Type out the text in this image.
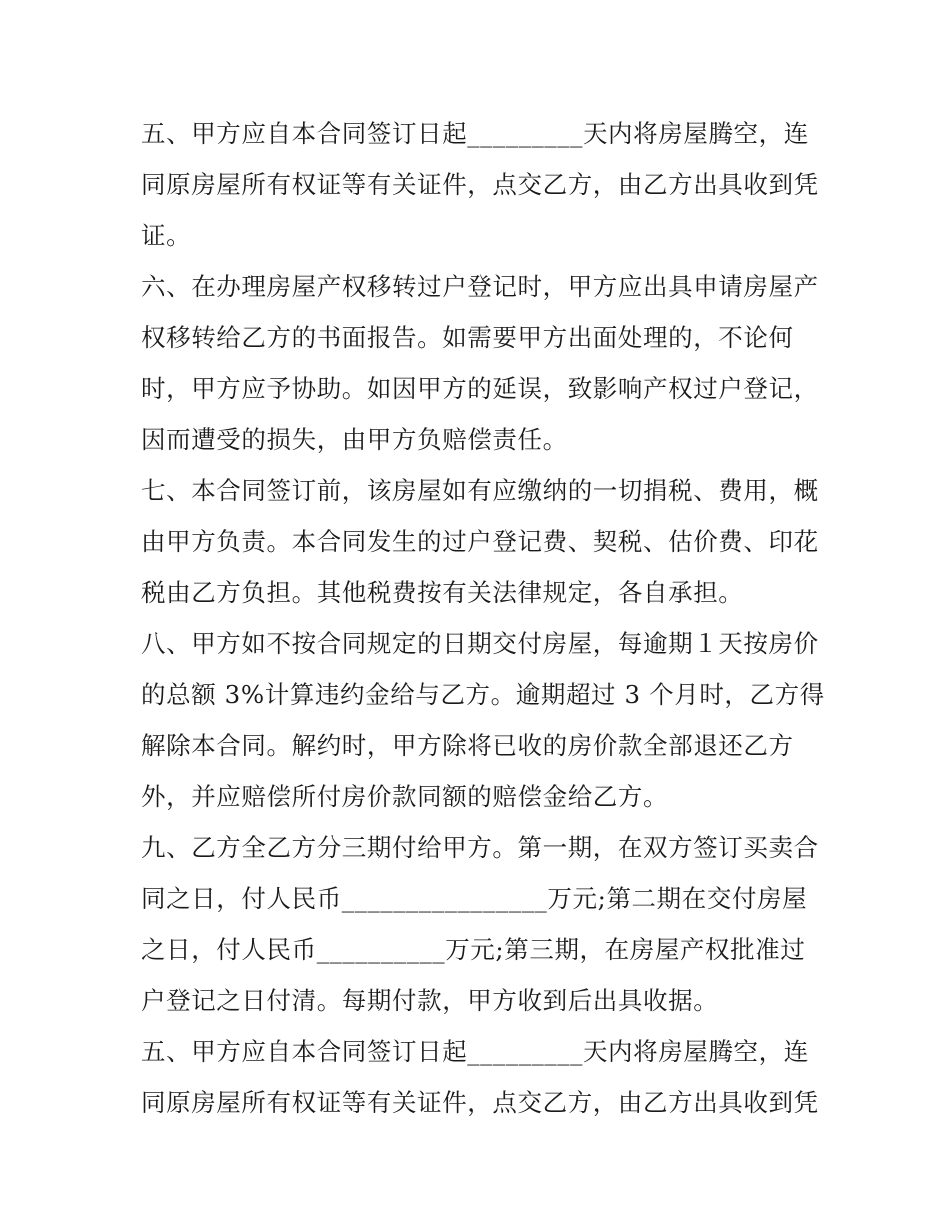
五、甲方应自本合同签订日起_________天内将房屋腾空，连

同原房屋所有权证等有关证件，点交乙方，由乙方出具收到凭

证。

六、在办理房屋产权移转过户登记时，甲方应出具申请房屋产

权移转给乙方的书面报告。如需要甲方出面处理的，不论何

时，甲方应予协助。如因甲方的延误，致影响产权过户登记，

因而遭受的损失，由甲方负赔偿责任。

七、本合同签订前，该房屋如有应缴纳的一切捐税、费用，概

由甲方负责。本合同发生的过户登记费、契税、估价费、印花

税由乙方负担。其他税费按有关法律规定，各自承担。

八、甲方如不按合同规定的日期交付房屋，每逾期１天按房价

的总额 3%计算违约金给与乙方。逾期超过 3 个月时，乙方得

解除本合同。解约时，甲方除将已收的房价款全部退还乙方

外，并应赔偿所付房价款同额的赔偿金给乙方。

九、乙方全乙方分三期付给甲方。第一期，在双方签订买卖合

同之日，付人民币________________万元;第二期在交付房屋

之日，付人民币__________万元;第三期，在房屋产权批准过

户登记之日付清。每期付款，甲方收到后出具收据。

五、甲方应自本合同签订日起_________天内将房屋腾空，连

同原房屋所有权证等有关证件，点交乙方，由乙方出具收到凭
